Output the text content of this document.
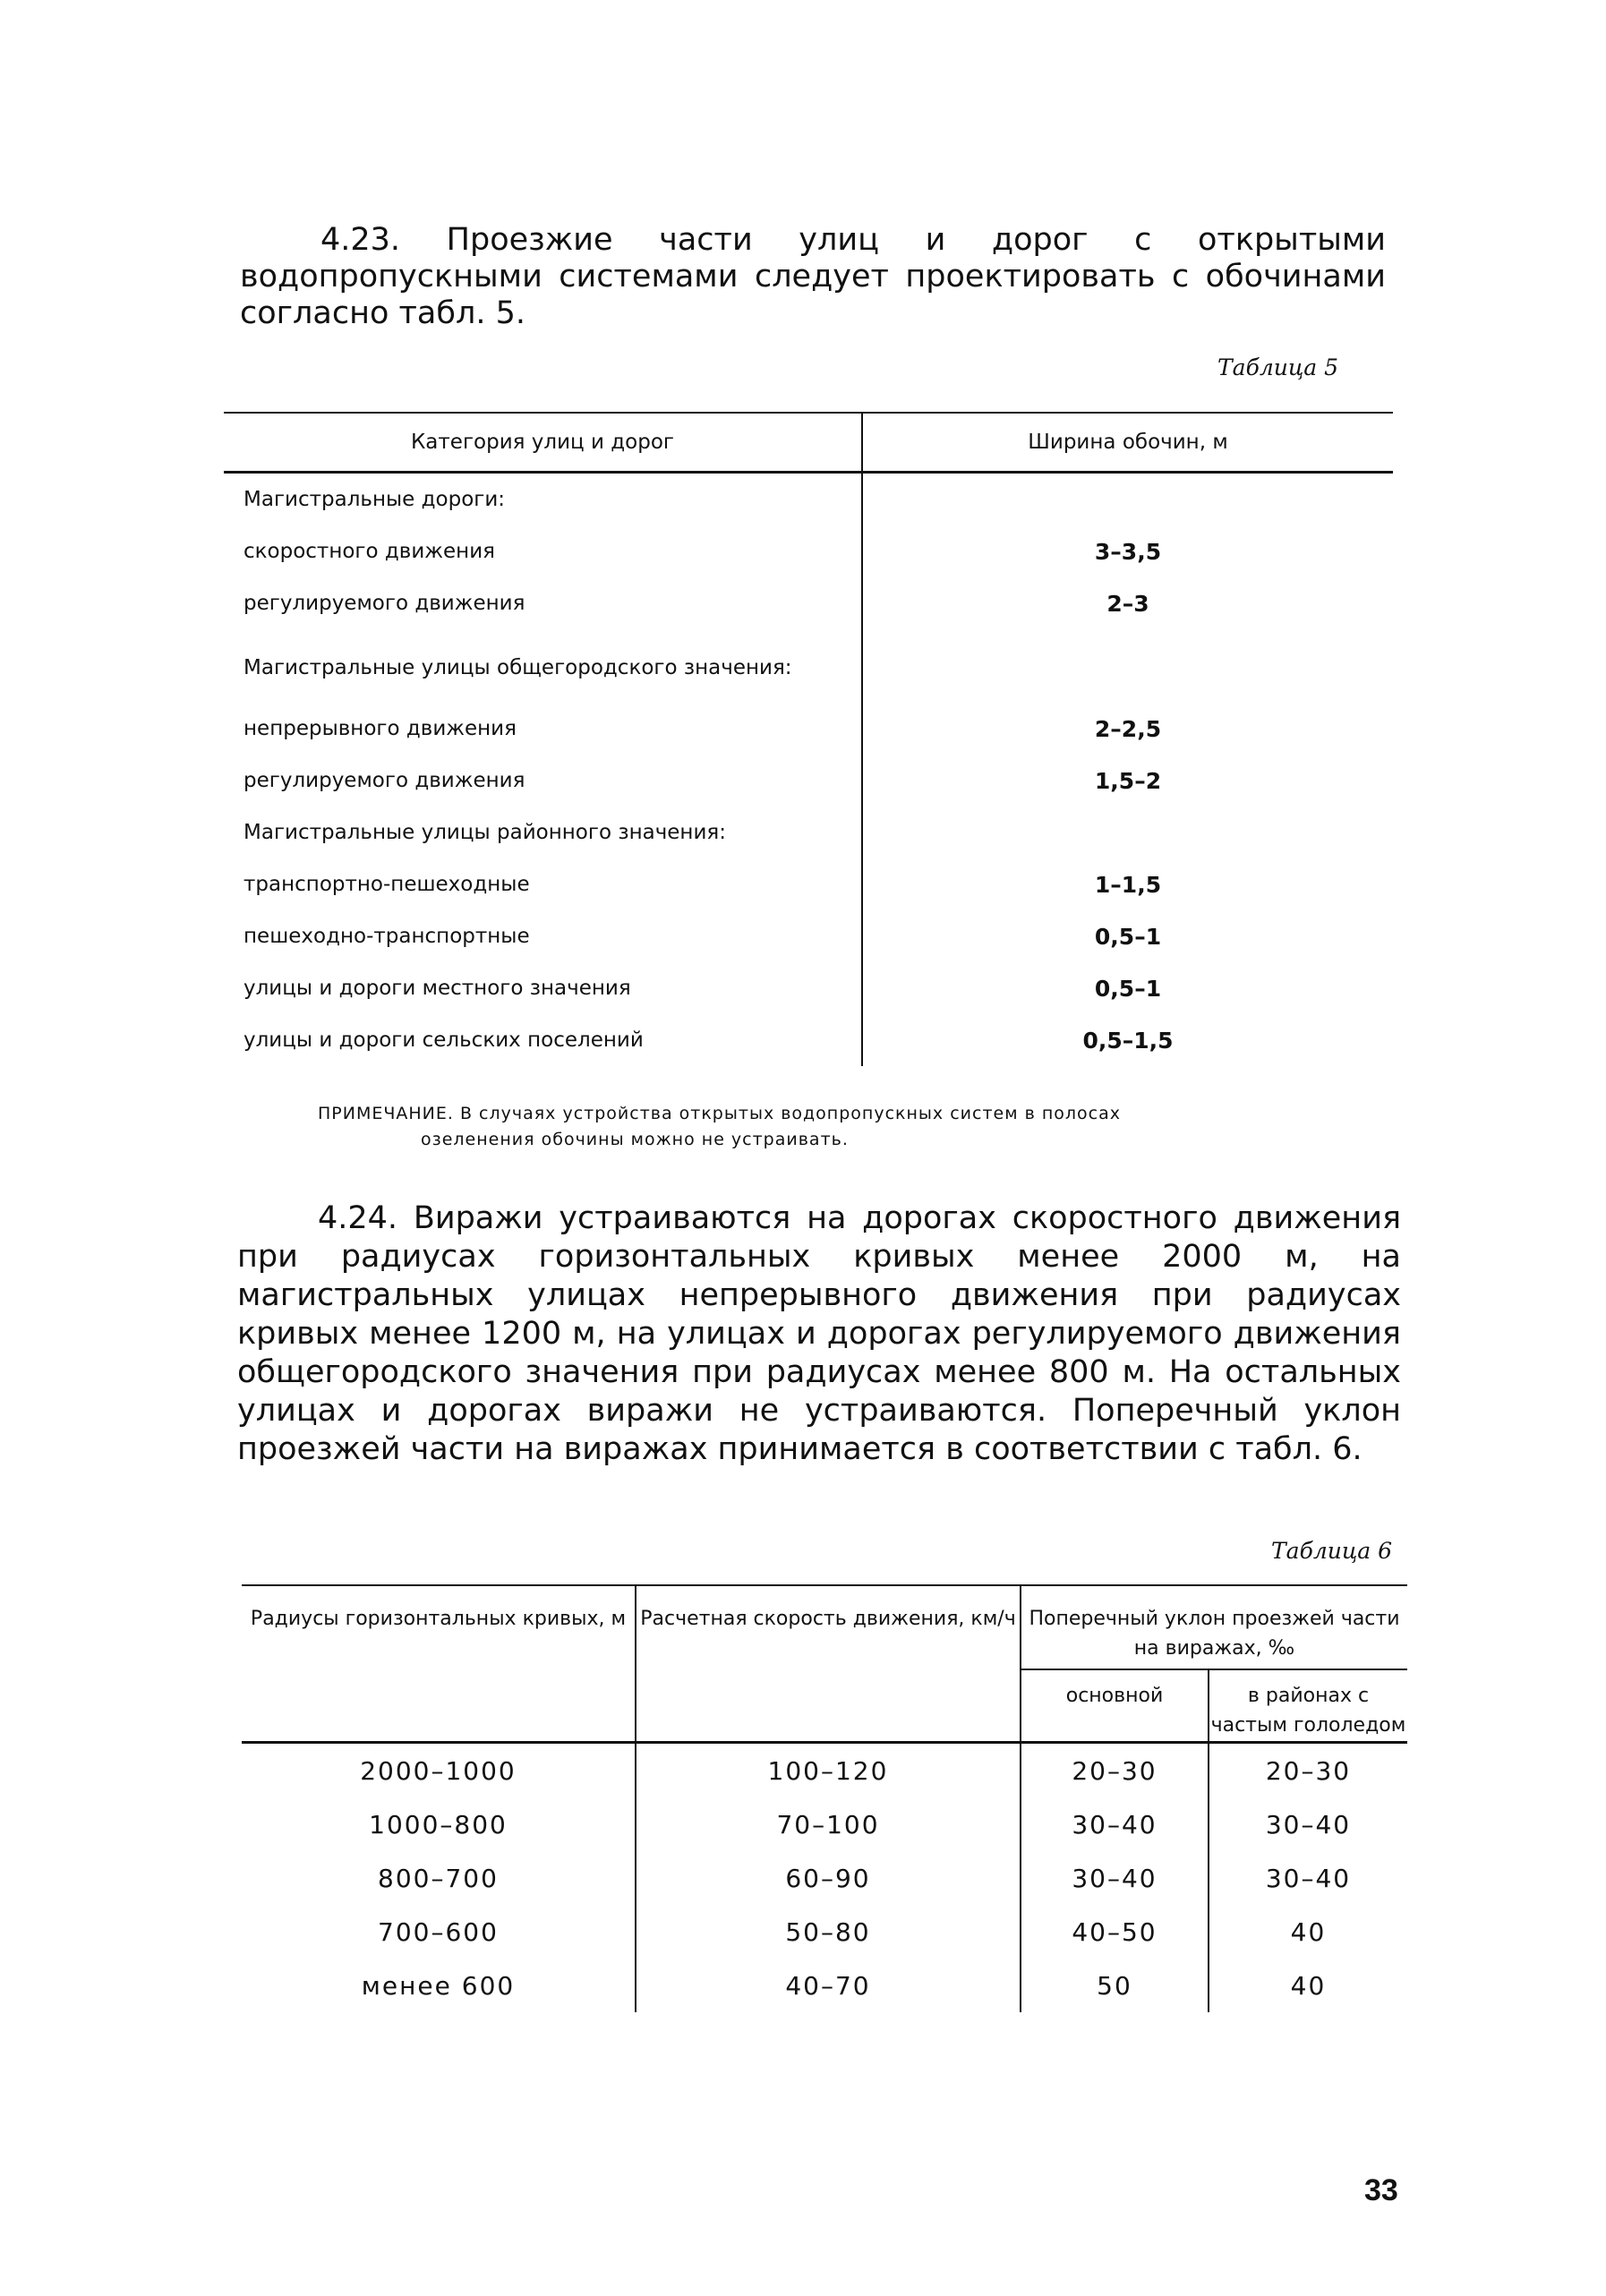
4.23. Проезжие части улиц и дорог с открытыми водопропускными системами следует проектировать с обочинами согласно табл. 5.

Таблица 5
Категория улиц и дорог	Ширина обочин, м
Магистральные дороги:	
скоростного движения	3–3,5
регулируемого движения	2–3
Магистральные улицы общегородского значения:	
непрерывного движения	2–2,5
регулируемого движения	1,5–2
Магистральные улицы районного значения:	
транспортно-пешеходные	1–1,5
пешеходно-транспортные	0,5–1
улицы и дороги местного значения	0,5–1
улицы и дороги сельских поселений	0,5–1,5
ПРИМЕЧАНИЕ. В случаях устройства открытых водопропускных систем в полосах
озеленения обочины можно не устраивать.

4.24. Виражи устраиваются на дорогах скоростного движения при радиусах горизонтальных кривых менее 2000 м, на магистральных улицах непрерывного движения при радиусах кривых менее 1200 м, на улицах и дорогах регулируемого движения общегородского значения при радиусах менее 800 м. На остальных улицах и дорогах виражи не устраиваются. Поперечный уклон проезжей части на виражах принимается в соответствии с табл. 6.

Таблица 6
Радиусы горизонтальных кривых, м	Расчетная скорость движения, км/ч	Поперечный уклон проезжей части на виражах, ‰	
		основной	в районах с частым гололедом
2000–1000	100–120	20–30	20–30
1000–800	70–100	30–40	30–40
800–700	60–90	30–40	30–40
700–600	50–80	40–50	40
менее 600	40–70	50	40
33
